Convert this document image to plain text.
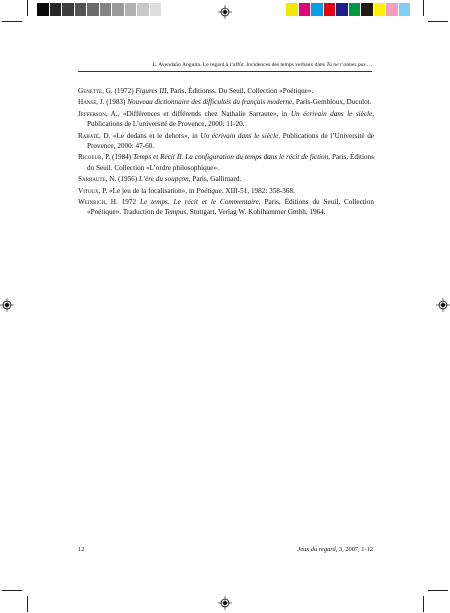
L. Avendaño Anguita. Le regard à l’affût. Incidences des temps verbaux dans Tu ne t’aimes pas …

Genette, G. (1972) Figures III, Paris, Éditionss. Du Seuil, Collection «Poétique».

Hanse, J. (1983) Nouveau dictionnaire des difficultés du français moderne, Paris-Gembloux, Duculot.

Jefferson, A., «Différences et différends chez Nathalie Sarraute», in Un écrivain dans le siècle, Publications de L’université de Provence, 2000: 11-20.

Rabaté, D. «Le dedans et le dehors», in Un écrivain dans le siècle, Publications de l’Université de Provence, 2000: 47-60.

Ricoeur, P. (1984) Temps et Récit II. La configuration du temps dans le récit de fiction, Paris, Éditions du Seuil. Collection «L’ordre philosophique».

Sarraute, N. (1956) L’ère du soupçon, Paris, Gallimard.

Vitoux, P. «Le jeu de la focalisation», in Poétique, XIII-51, 1982: 358-368.

Weinrich, H. 1972 Le temps. Le récit et le Commentaire, Paris, Éditions du Seuil, Collection «Poétique». Traduction de Tempus, Stuttgart, Verlag W. Kohlhammer Gmbh, 1964.

12	Jeux du regard, 3, 2007, 1-12
